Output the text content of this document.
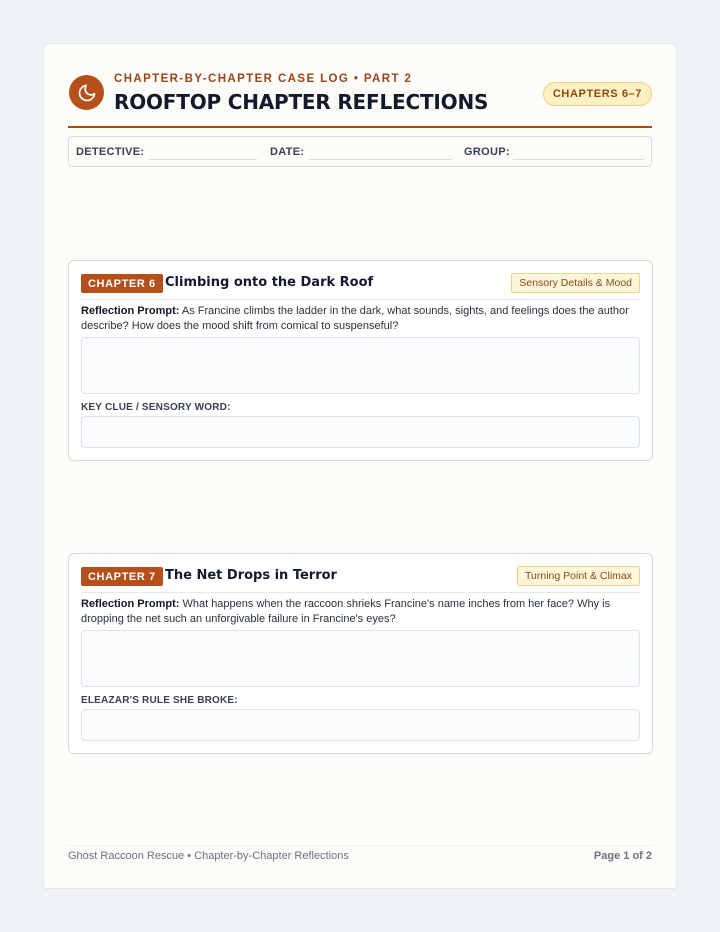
CHAPTER-BY-CHAPTER CASE LOG • PART 2
ROOFTOP CHAPTER REFLECTIONS	CHAPTERS 6–7
DETECTIVE:	DATE:	GROUP:
CHAPTER 6 Climbing onto the Dark Roof	Sensory Details & Mood
Reflection Prompt: As Francine climbs the ladder in the dark, what sounds, sights, and feelings does the author describe? How does the mood shift from comical to suspenseful?
KEY CLUE / SENSORY WORD:
CHAPTER 7 The Net Drops in Terror	Turning Point & Climax
Reflection Prompt: What happens when the raccoon shrieks Francine's name inches from her face? Why is dropping the net such an unforgivable failure in Francine's eyes?
ELEAZAR'S RULE SHE BROKE:
Ghost Raccoon Rescue • Chapter-by-Chapter Reflections	Page 1 of 2
